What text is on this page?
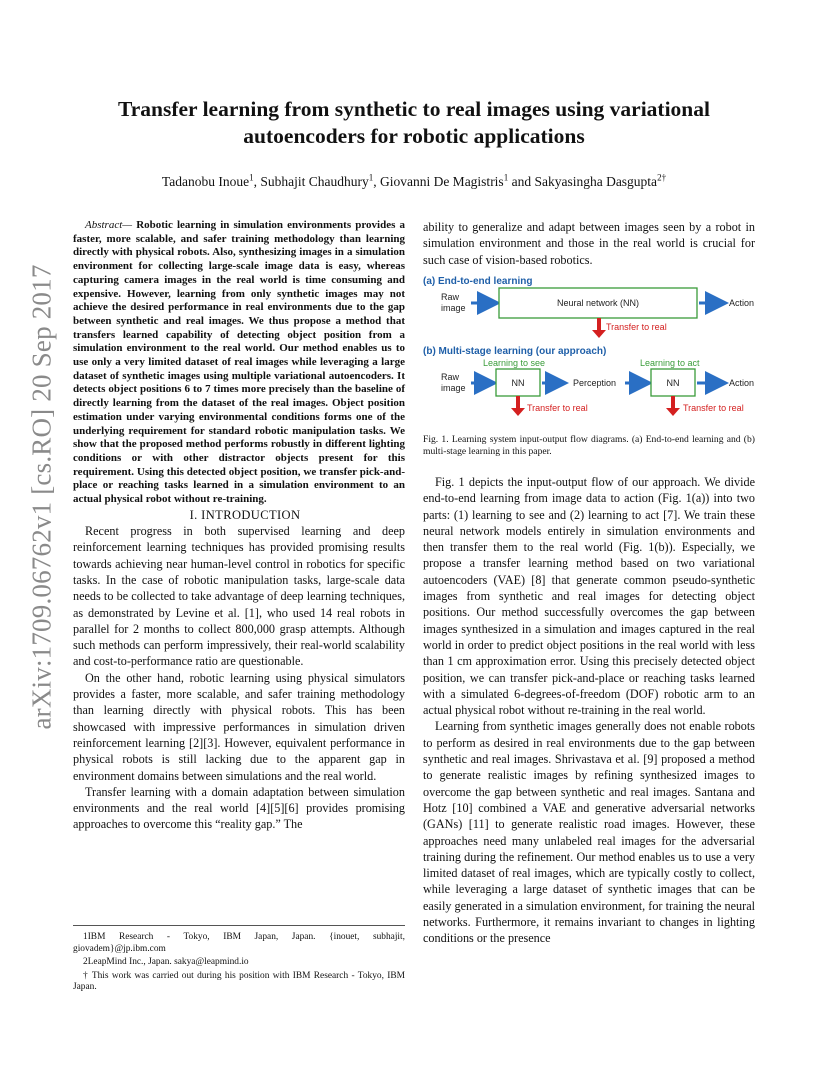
arXiv:1709.06762v1 [cs.RO] 20 Sep 2017
Transfer learning from synthetic to real images using variational autoencoders for robotic applications
Tadanobu Inoue$^1$, Subhajit Chaudhury$^1$, Giovanni De Magistris$^1$ and Sakyasingha Dasgupta$^{2\dagger}$

Abstract— Robotic learning in simulation environments provides a faster, more scalable, and safer training methodology than learning directly with physical robots. Also, synthesizing images in a simulation environment for collecting large-scale image data is easy, whereas capturing camera images in the real world is time consuming and expensive. However, learning from only synthetic images may not achieve the desired performance in real environments due to the gap between synthetic and real images. We thus propose a method that transfers learned capability of detecting object position from a simulation environment to the real world. Our method enables us to use only a very limited dataset of real images while leveraging a large dataset of synthetic images using multiple variational autoencoders. It detects object positions 6 to 7 times more precisely than the baseline of directly learning from the dataset of the real images. Object position estimation under varying environmental conditions forms one of the underlying requirement for standard robotic manipulation tasks. We show that the proposed method performs robustly in different lighting conditions or with other distractor objects present for this requirement. Using this detected object position, we transfer pick-and-place or reaching tasks learned in a simulation environment to an actual physical robot without re-training.

I. INTRODUCTION

Recent progress in both supervised learning and deep reinforcement learning techniques has provided promising results towards achieving near human-level control in robotics for specific tasks. In the case of robotic manipulation tasks, large-scale data needs to be collected to take advantage of deep learning techniques, as demonstrated by Levine et al. [1], who used 14 real robots in parallel for 2 months to collect 800,000 grasp attempts. Although such methods can perform impressively, their real-world scalability and cost-to-performance ratio are questionable.

On the other hand, robotic learning using physical simulators provides a faster, more scalable, and safer training methodology than learning directly with physical robots. This has been showcased with impressive performances in simulation driven reinforcement learning [2][3]. However, equivalent performance in physical robots is still lacking due to the apparent gap in environment domains between simulations and the real world.

Transfer learning with a domain adaptation between simulation environments and the real world [4][5][6] provides promising approaches to overcome this “reality gap.” The

1IBM Research - Tokyo, IBM Japan, Japan. {inouet, subhajit, giovadem}@jp.ibm.com

2LeapMind Inc., Japan. sakya@leapmind.io

† This work was carried out during his position with IBM Research - Tokyo, IBM Japan.

ability to generalize and adapt between images seen by a robot in simulation environment and those in the real world is crucial for such case of vision-based robotics.

(a) End-to-end learning
Raw
image	Neural network (NN)	Action
Transfer to real
(b) Multi-stage learning (our approach)
Learning to see	Learning to act
Raw
image	NN	Perception	NN	Action
Transfer to real	Transfer to real
Fig. 1. Learning system input-output flow diagrams. (a) End-to-end learning and (b) multi-stage learning in this paper.

Fig. 1 depicts the input-output flow of our approach. We divide end-to-end learning from image data to action (Fig. 1(a)) into two parts: (1) learning to see and (2) learning to act [7]. We train these neural network models entirely in simulation environments and then transfer them to the real world (Fig. 1(b)). Especially, we propose a transfer learning method based on two variational autoencoders (VAE) [8] that generate common pseudo-synthetic images from synthetic and real images for detecting object positions. Our method successfully overcomes the gap between images synthesized in a simulation and images captured in the real world in order to predict object positions in the real world with less than 1 cm approximation error. Using this precisely detected object position, we can transfer pick-and-place or reaching tasks learned with a simulated 6-degrees-of-freedom (DOF) robotic arm to an actual physical robot without re-training in the real world.

Learning from synthetic images generally does not enable robots to perform as desired in real environments due to the gap between synthetic and real images. Shrivastava et al. [9] proposed a method to generate realistic images by refining synthesized images to overcome the gap between synthetic and real images. Santana and Hotz [10] combined a VAE and generative adversarial networks (GANs) [11] to generate realistic road images. However, these approaches need many unlabeled real images for the adversarial training during the refinement. Our method enables us to use a very limited dataset of real images, which are typically costly to collect, while leveraging a large dataset of synthetic images that can be easily generated in a simulation environment, for training the neural networks. Furthermore, it remains invariant to changes in lighting conditions or the presence
